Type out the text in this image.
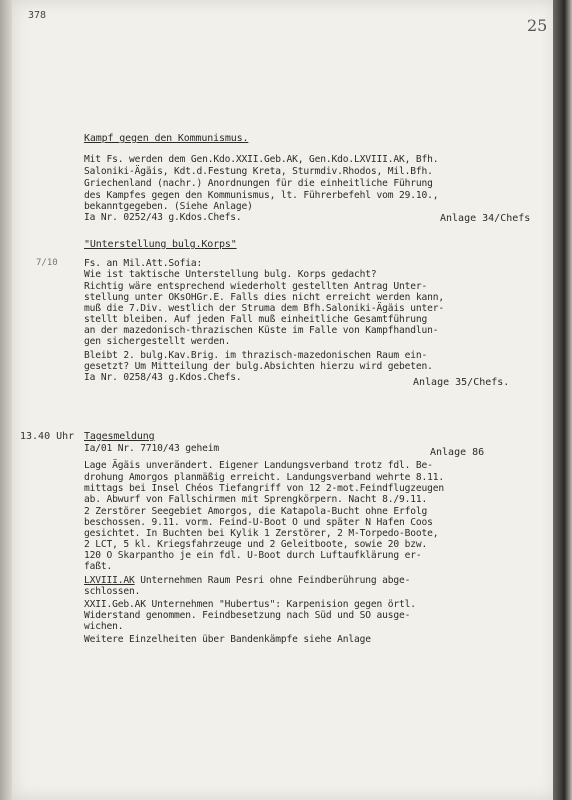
378
25
Kampf gegen den Kommunismus.
Mit Fs. werden dem Gen.Kdo.XXII.Geb.AK, Gen.Kdo.LXVIII.AK, Bfh.
Saloniki-Ägäis, Kdt.d.Festung Kreta, Sturmdiv.Rhodos, Mil.Bfh.
Griechenland (nachr.) Anordnungen für die einheitliche Führung
des Kampfes gegen den Kommunismus, lt. Führerbefehl vom 29.10.,
bekanntgegeben. (Siehe Anlage)
Ia Nr. 0252/43 g.Kdos.Chefs.	Anlage 34/Chefs
7/10
"Unterstellung bulg.Korps"
Fs. an Mil.Att.Sofia:
Wie ist taktische Unterstellung bulg. Korps gedacht?
Richtig wäre entsprechend wiederholt gestellten Antrag Unter-
stellung unter OKsOHGr.E. Falls dies nicht erreicht werden kann,
muß die 7.Div. westlich der Struma dem Bfh.Saloniki-Ägäis unter-
stellt bleiben. Auf jeden Fall muß einheitliche Gesamtführung
an der mazedonisch-thrazischen Küste im Falle von Kampfhandlun-
gen sichergestellt werden.
Bleibt 2. bulg.Kav.Brig. im thrazisch-mazedonischen Raum ein-
gesetzt? Um Mitteilung der bulg.Absichten hierzu wird gebeten.
Ia Nr. 0258/43 g.Kdos.Chefs.	Anlage 35/Chefs.
13.40 Uhr Tagesmeldung
Ia/01 Nr. 7710/43 geheim	Anlage 86
Lage Ägäis unverändert. Eigener Landungsverband trotz fdl. Be-
drohung Amorgos planmäßig erreicht. Landungsverband wehrte 8.11.
mittags bei Insel Chéos Tiefangriff von 12 2-mot.Feindflugzeugen
ab. Abwurf von Fallschirmen mit Sprengkörpern. Nacht 8./9.11.
2 Zerstörer Seegebiet Amorgos, die Katapola-Bucht ohne Erfolg
beschossen. 9.11. vorm. Feind-U-Boot O und später N Hafen Coos
gesichtet. In Buchten bei Kylik 1 Zerstörer, 2 M-Torpedo-Boote,
2 LCT, 5 kl. Kriegsfahrzeuge und 2 Geleitboote, sowie 20 bzw.
120 O Skarpantho je ein fdl. U-Boot durch Luftaufklärung er-
faßt.
LXVIII.AK Unternehmen Raum Pesri ohne Feindberührung abge-
schlossen.
XXII.Geb.AK Unternehmen "Hubertus": Karpenision gegen örtl.
Widerstand genommen. Feindbesetzung nach Süd und SO ausge-
wichen.
Weitere Einzelheiten über Bandenkämpfe siehe Anlage
